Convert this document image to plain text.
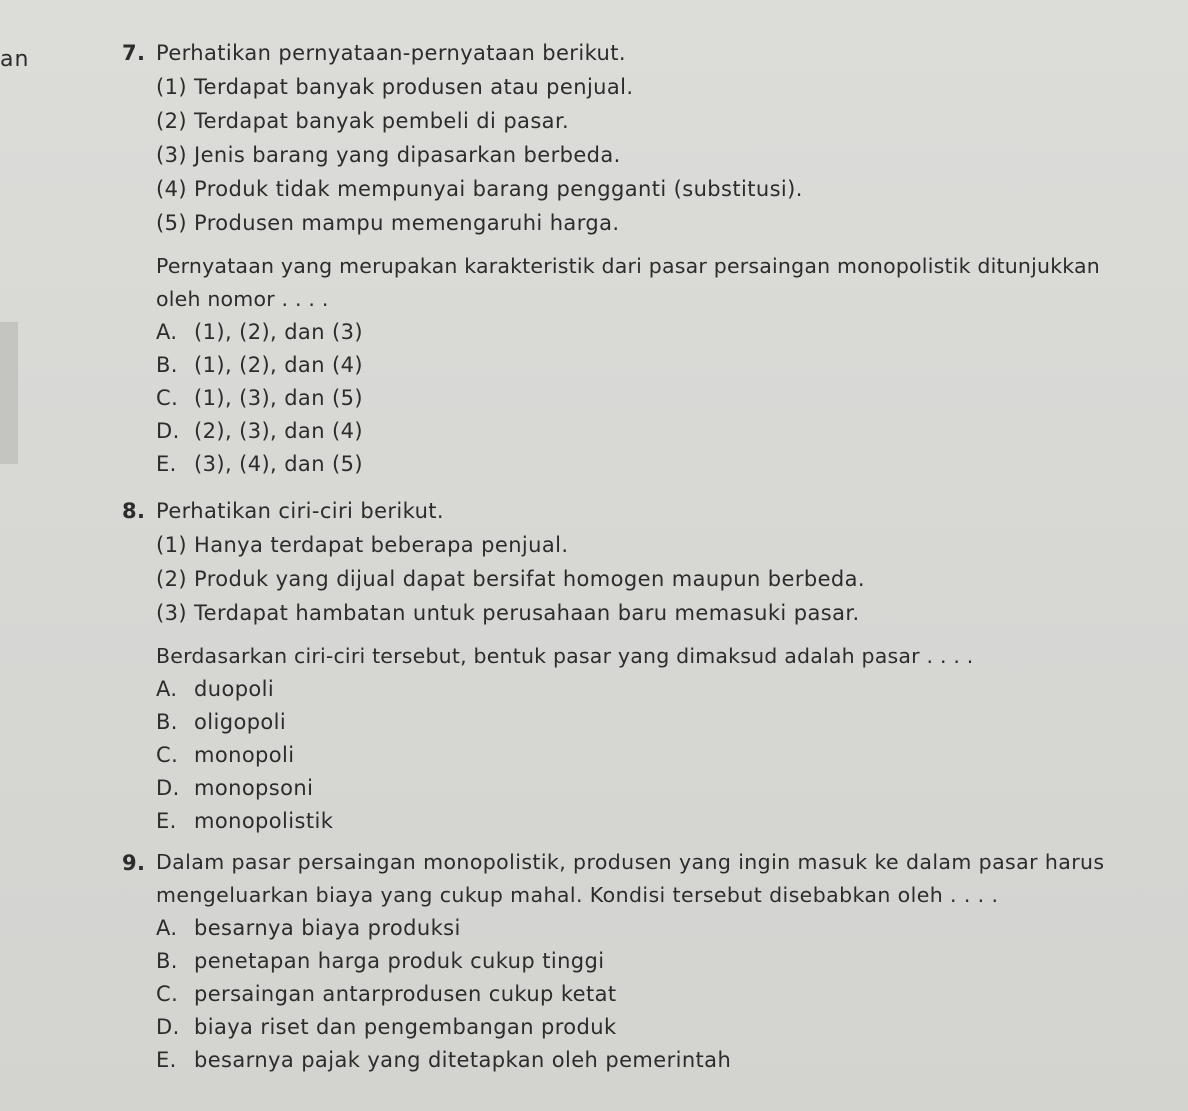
an	7. Perhatikan pernyataan-pernyataan berikut.
(1) Terdapat banyak produsen atau penjual.
(2) Terdapat banyak pembeli di pasar.
(3) Jenis barang yang dipasarkan berbeda.
(4) Produk tidak mempunyai barang pengganti (substitusi).
(5) Produsen mampu memengaruhi harga.
Pernyataan yang merupakan karakteristik dari pasar persaingan monopolistik ditunjukkan oleh nomor . . . .
A. (1), (2), dan (3)
B. (1), (2), dan (4)
C. (1), (3), dan (5)
D. (2), (3), dan (4)
E. (3), (4), dan (5)
8. Perhatikan ciri-ciri berikut.
(1) Hanya terdapat beberapa penjual.
(2) Produk yang dijual dapat bersifat homogen maupun berbeda.
(3) Terdapat hambatan untuk perusahaan baru memasuki pasar.
Berdasarkan ciri-ciri tersebut, bentuk pasar yang dimaksud adalah pasar . . . .
A. duopoli
B. oligopoli
C. monopoli
D. monopsoni
E. monopolistik
9. Dalam pasar persaingan monopolistik, produsen yang ingin masuk ke dalam pasar harus mengeluarkan biaya yang cukup mahal. Kondisi tersebut disebabkan oleh . . . .
A. besarnya biaya produksi
B. penetapan harga produk cukup tinggi
C. persaingan antarprodusen cukup ketat
D. biaya riset dan pengembangan produk
E. besarnya pajak yang ditetapkan oleh pemerintah
